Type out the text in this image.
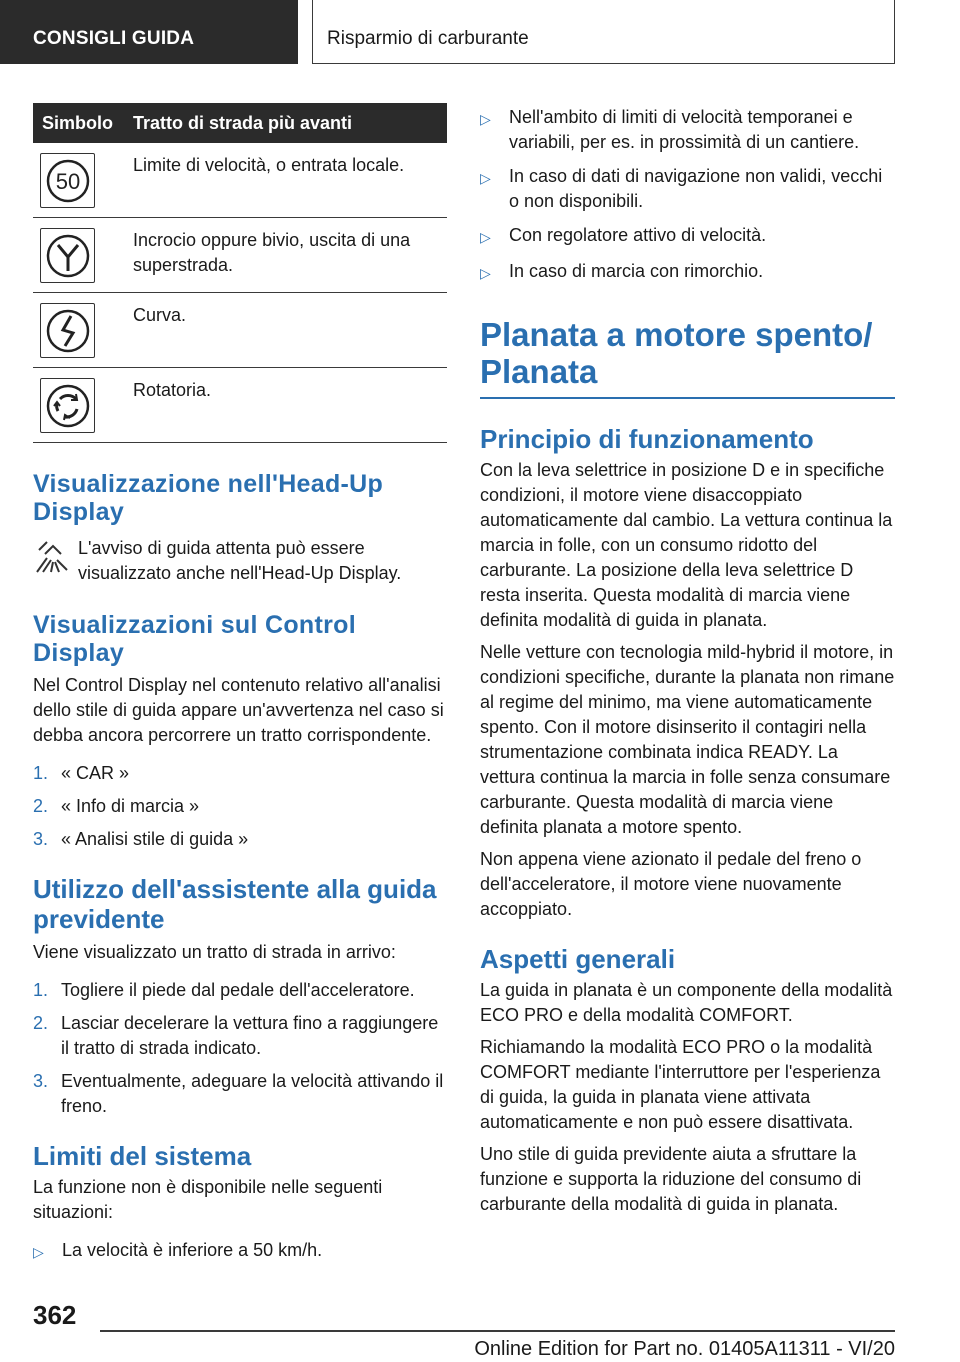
CONSIGLI GUIDA	Risparmio di carburante
Simbolo	Tratto di strada più avanti
50
Limite di velocità, o entrata locale.
Incrocio oppure bivio, uscita di una superstrada.
Curva.
Rotatoria.
Visualizzazione nell'Head-Up Display
L'avviso di guida attenta può essere visualizzato anche nell'Head-Up Display.
Visualizzazioni sul Control Display
Nel Control Display nel contenuto relativo all'analisi dello stile di guida appare un'avvertenza nel caso si debba ancora percorrere un tratto corrispondente.
1. « CAR »
2. « Info di marcia »
3. « Analisi stile di guida »
Utilizzo dell'assistente alla guida previdente
Viene visualizzato un tratto di strada in arrivo:
1. Togliere il piede dal pedale dell'acceleratore.
2. Lasciar decelerare la vettura fino a raggiungere il tratto di strada indicato.
3. Eventualmente, adeguare la velocità attivando il freno.
Limiti del sistema
La funzione non è disponibile nelle seguenti situazioni:
▷	La velocità è inferiore a 50 km/h.
▷	Nell'ambito di limiti di velocità temporanei e variabili, per es. in prossimità di un cantiere.
▷	In caso di dati di navigazione non validi, vecchi o non disponibili.
▷	Con regolatore attivo di velocità.
▷	In caso di marcia con rimorchio.
Planata a motore spento/ Planata
Principio di funzionamento
Con la leva selettrice in posizione D e in specifiche condizioni, il motore viene disaccoppiato automaticamente dal cambio. La vettura continua la marcia in folle, con un consumo ridotto del carburante. La posizione della leva selettrice D resta inserita. Questa modalità di marcia viene definita modalità di guida in planata.
Nelle vetture con tecnologia mild-hybrid il motore, in condizioni specifiche, durante la planata non rimane al regime del minimo, ma viene automaticamente spento. Con il motore disinserito il contagiri nella strumentazione combinata indica READY. La vettura continua la marcia in folle senza consumare carburante. Questa modalità di marcia viene definita planata a motore spento.
Non appena viene azionato il pedale del freno o dell'acceleratore, il motore viene nuovamente accoppiato.
Aspetti generali
La guida in planata è un componente della modalità ECO PRO e della modalità COMFORT.
Richiamando la modalità ECO PRO o la modalità COMFORT mediante l'interruttore per l'esperienza di guida, la guida in planata viene attivata automaticamente e non può essere disattivata.
Uno stile di guida previdente aiuta a sfruttare la funzione e supporta la riduzione del consumo di carburante della modalità di guida in planata.
362
Online Edition for Part no. 01405A11311 - VI/20
